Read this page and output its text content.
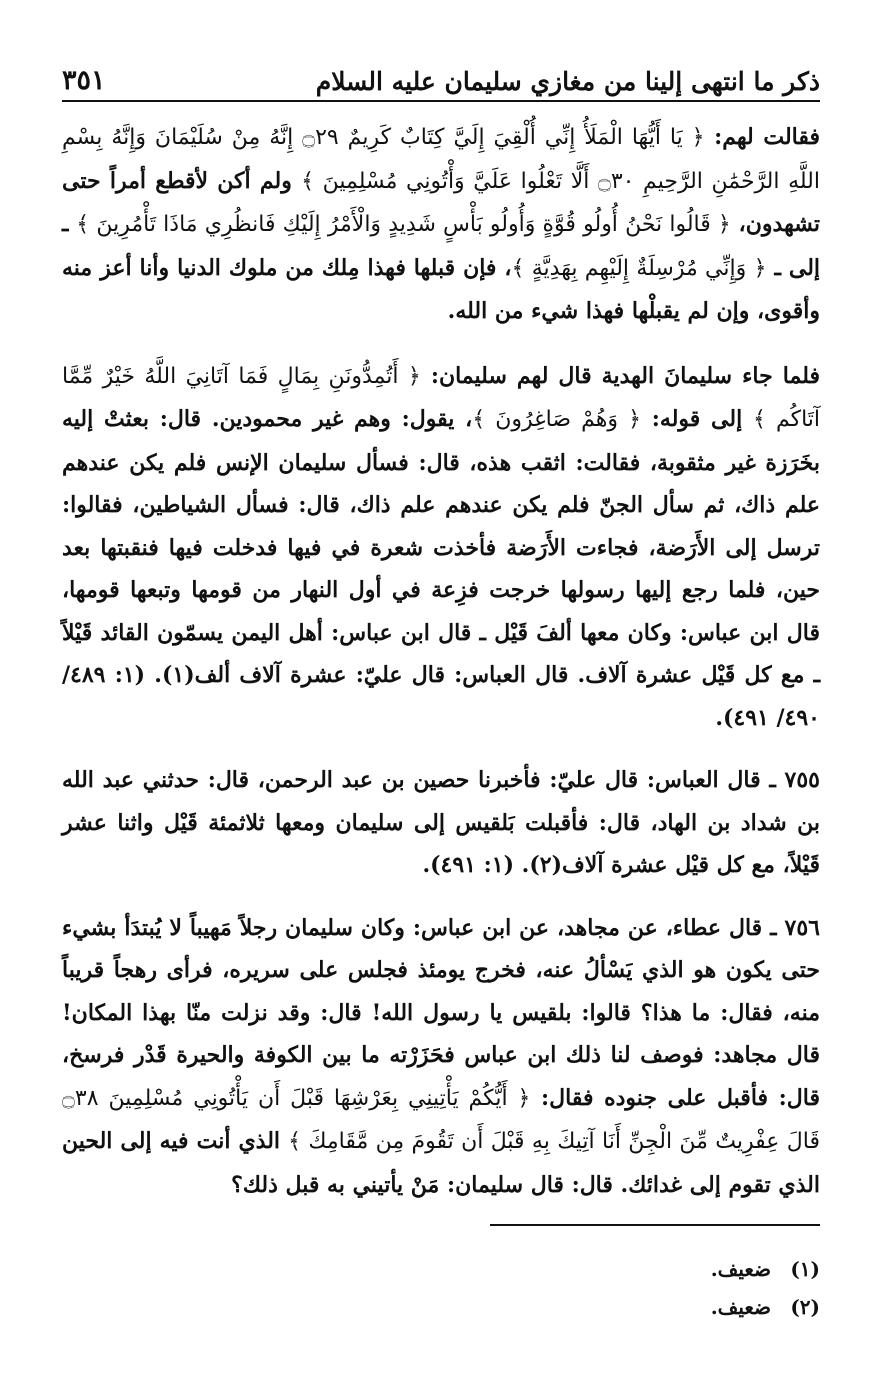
ذكر ما انتهى إلينا من مغازي سليمان عليه السلام
٣٥١

فقالت لهم: ﴿ يَا أَيُّهَا الْمَلَأُ إِنِّي أُلْقِيَ إِلَيَّ كِتَابٌ كَرِيمٌ ۝٢٩ إِنَّهُ مِنْ سُلَيْمَانَ وَإِنَّهُ بِسْمِ اللَّهِ الرَّحْمَٰنِ الرَّحِيمِ ۝٣٠ أَلَّا تَعْلُوا عَلَيَّ وَأْتُونِي مُسْلِمِينَ ﴾ ولم أكن لأقطع أمراً حتى تشهدون، ﴿ قَالُوا نَحْنُ أُولُو قُوَّةٍ وَأُولُو بَأْسٍ شَدِيدٍ وَالْأَمْرُ إِلَيْكِ فَانظُرِي مَاذَا تَأْمُرِينَ ﴾ ـ إلى ـ ﴿ وَإِنِّي مُرْسِلَةٌ إِلَيْهِم بِهَدِيَّةٍ ﴾، فإن قبلها فهذا مِلك من ملوك الدنيا وأنا أعز منه وأقوى، وإن لم يقبلْها فهذا شيء من الله.

فلما جاء سليمانَ الهدية قال لهم سليمان: ﴿ أَتُمِدُّونَنِ بِمَالٍ فَمَا آتَانِيَ اللَّهُ خَيْرٌ مِّمَّا آتَاكُم ﴾ إلى قوله: ﴿ وَهُمْ صَاغِرُونَ ﴾، يقول: وهم غير محمودين. قال: بعثتْ إليه بخَرَزة غير مثقوبة، فقالت: اثقب هذه، قال: فسأل سليمان الإنس فلم يكن عندهم علم ذاك، ثم سأل الجنّ فلم يكن عندهم علم ذاك، قال: فسأل الشياطين، فقالوا: ترسل إلى الأَرَضة، فجاءت الأَرَضة فأخذت شعرة في فيها فدخلت فيها فنقبتها بعد حين، فلما رجع إليها رسولها خرجت فزِعة في أول النهار من قومها وتبعها قومها، قال ابن عباس: وكان معها ألفَ قَيْل ـ قال ابن عباس: أهل اليمن يسمّون القائد قَيْلاً ـ مع كل قَيْل عشرة آلاف. قال العباس: قال عليّ: عشرة آلاف ألف(١). (١: ٤٨٩/ ٤٩٠/ ٤٩١).

٧٥٥ ـ قال العباس: قال عليّ: فأخبرنا حصين بن عبد الرحمن، قال: حدثني عبد الله بن شداد بن الهاد، قال: فأقبلت بَلقيس إلى سليمان ومعها ثلاثمئة قَيْل واثنا عشر قَيْلاً، مع كل قيْل عشرة آلاف(٢). (١: ٤٩١).

٧٥٦ ـ قال عطاء، عن مجاهد، عن ابن عباس: وكان سليمان رجلاً مَهيباً لا يُبتدَأ بشيء حتى يكون هو الذي يَسْألُ عنه، فخرج يومئذ فجلس على سريره، فرأى رهجاً قريباً منه، فقال: ما هذا؟ قالوا: بلقيس يا رسول الله! قال: وقد نزلت منّا بهذا المكان! قال مجاهد: فوصف لنا ذلك ابن عباس فحَزَرْته ما بين الكوفة والحيرة قَدْر فرسخ، قال: فأقبل على جنوده فقال: ﴿ أَيُّكُمْ يَأْتِينِي بِعَرْشِهَا قَبْلَ أَن يَأْتُونِي مُسْلِمِينَ ۝٣٨ قَالَ عِفْرِيتٌ مِّنَ الْجِنِّ أَنَا آتِيكَ بِهِ قَبْلَ أَن تَقُومَ مِن مَّقَامِكَ ﴾ الذي أنت فيه إلى الحين الذي تقوم إلى غدائك. قال: قال سليمان: مَنْ يأتيني به قبل ذلك؟

(١) ضعيف.
(٢) ضعيف.
